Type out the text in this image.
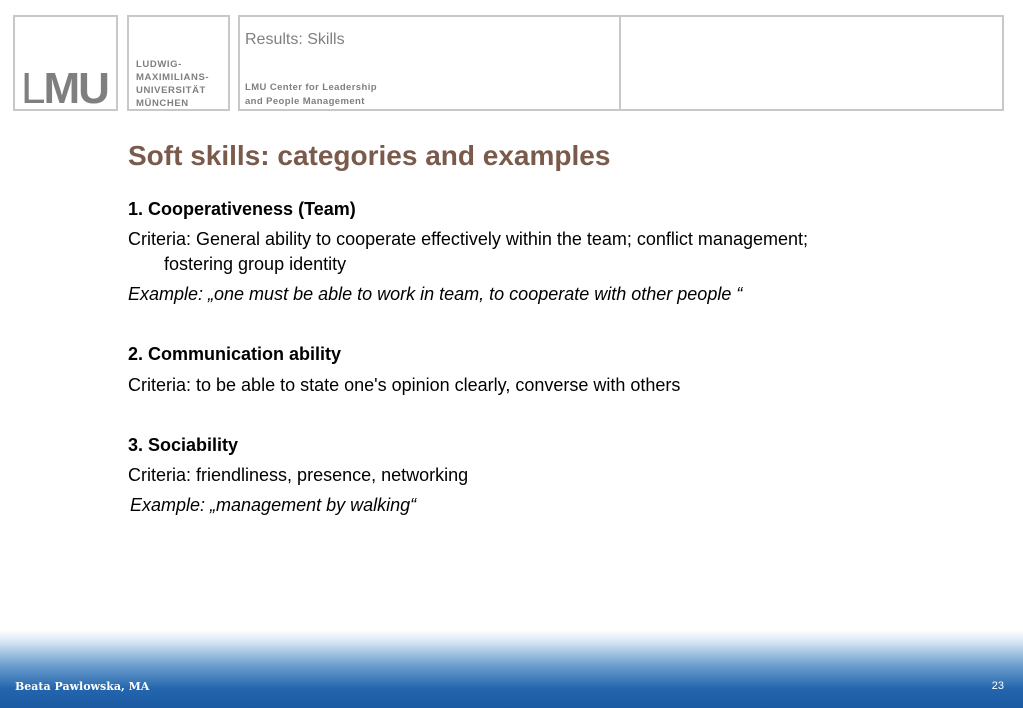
LMU	LUDWIG-
MAXIMILIANS-
UNIVERSITÄT
MÜNCHEN
Results: Skills
LMU Center for Leadership
and People Management
Soft skills: categories and examples
1. Cooperativeness (Team)
Criteria: General ability to cooperate effectively within the team; conflict management;
fostering group identity
Example: „one must be able to work in team, to cooperate with other people “
2. Communication ability
Criteria: to be able to state one's opinion clearly, converse with others
3. Sociability
Criteria: friendliness, presence, networking
Example: „management by walking“
Beata Pawlowska, MA	23
